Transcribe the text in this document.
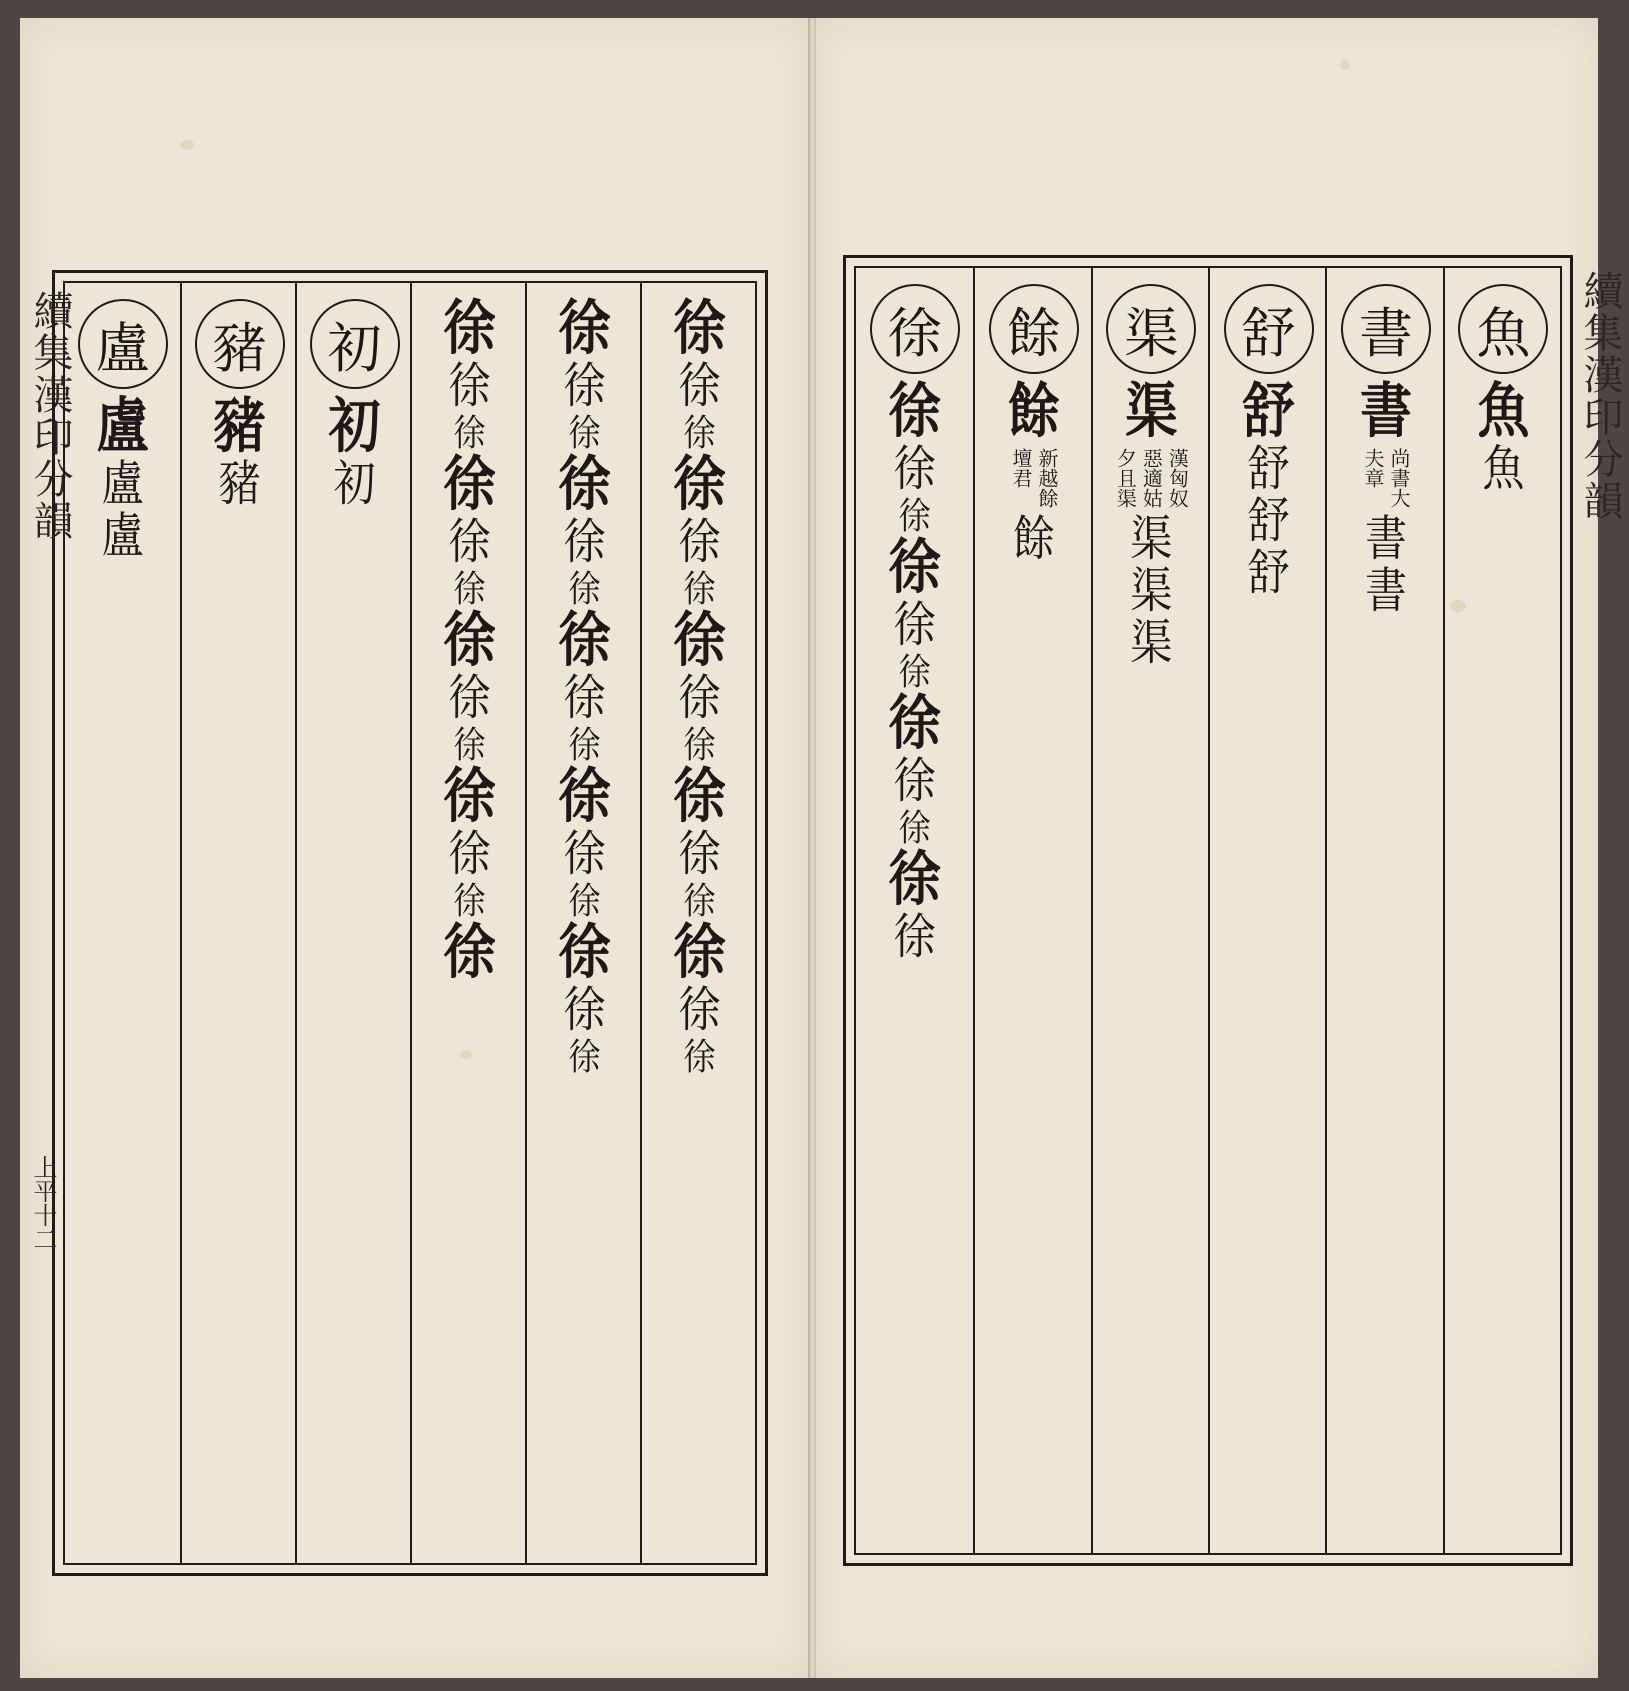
續集漢印分韻
上平十二
盧
盧
盧
盧
豬
豬
豬
初
初
初
徐
徐
徐
徐
徐
徐
徐
徐
徐
徐
徐
徐
徐
徐
徐
徐
徐
徐
徐
徐
徐
徐
徐
徐
徐
徐
徐
徐
徐
徐
徐
徐
徐
徐
徐
徐
徐
徐
徐
徐
徐
徐
徐
續集漢印分韻
徐
徐
徐
徐
徐
徐
徐
徐
徐
徐
徐
徐
餘
餘
新越餘
壇君
餘
渠
渠
漢匈奴
惡適姑
夕且渠
渠
渠
渠
舒
舒
舒
舒
舒
書
書
尚書大
夫章
書
書
魚
魚
魚
